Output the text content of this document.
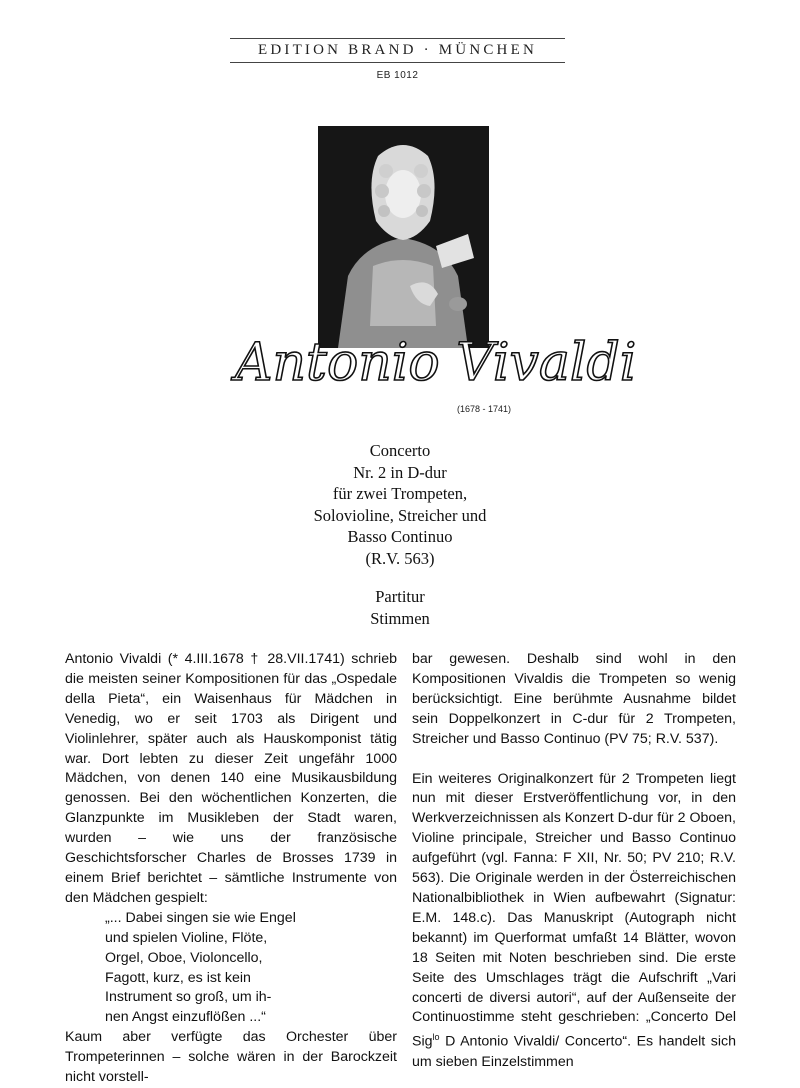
EDITION BRAND · MÜNCHEN
EB 1012
Antonio Vivaldi
(1678 - 1741)
Concerto
Nr. 2 in D-dur
für zwei Trompeten,
Solovioline, Streicher und
Basso Continuo
(R.V. 563)
Partitur
Stimmen

Antonio Vivaldi (* 4.III.1678 † 28.VII.1741) schrieb die meisten seiner Kompositionen für das „Ospedale della Pieta“, ein Waisenhaus für Mädchen in Venedig, wo er seit 1703 als Dirigent und Violinlehrer, später auch als Hauskomponist tätig war. Dort lebten zu dieser Zeit ungefähr 1000 Mädchen, von denen 140 eine Musikausbildung genossen. Bei den wöchentlichen Konzerten, die Glanzpunkte im Musikleben der Stadt waren, wurden – wie uns der französische Geschichtsforscher Charles de Brosses 1739 in einem Brief berichtet – sämtliche Instrumente von den Mädchen gespielt:

„... Dabei singen sie wie Engel
und spielen Violine, Flöte,
Orgel, Oboe, Violoncello,
Fagott, kurz, es ist kein
Instrument so groß, um ih-
nen Angst einzuflößen ...“

Kaum aber verfügte das Orchester über Trompeterinnen – solche wären in der Barockzeit nicht vorstell-

bar gewesen. Deshalb sind wohl in den Kompositionen Vivaldis die Trompeten so wenig berücksichtigt. Eine berühmte Ausnahme bildet sein Doppelkonzert in C-dur für 2 Trompeten, Streicher und Basso Continuo (PV 75; R.V. 537).

Ein weiteres Originalkonzert für 2 Trompeten liegt nun mit dieser Erstveröffentlichung vor, in den Werkverzeichnissen als Konzert D-dur für 2 Oboen, Violine principale, Streicher und Basso Continuo aufgeführt (vgl. Fanna: F XII, Nr. 50; PV 210; R.V. 563). Die Originale werden in der Österreichischen Nationalbibliothek in Wien aufbewahrt (Signatur: E.M. 148.c). Das Manuskript (Autograph nicht bekannt) im Querformat umfaßt 14 Blätter, wovon 18 Seiten mit Noten beschrieben sind. Die erste Seite des Umschlages trägt die Aufschrift „Vari concerti de diversi autori“, auf der Außenseite der Continuostimme steht geschrieben: „Concerto Del Sig$^{lo}$ D Antonio Vivaldi/ Concerto“. Es handelt sich um sieben Einzelstimmen
